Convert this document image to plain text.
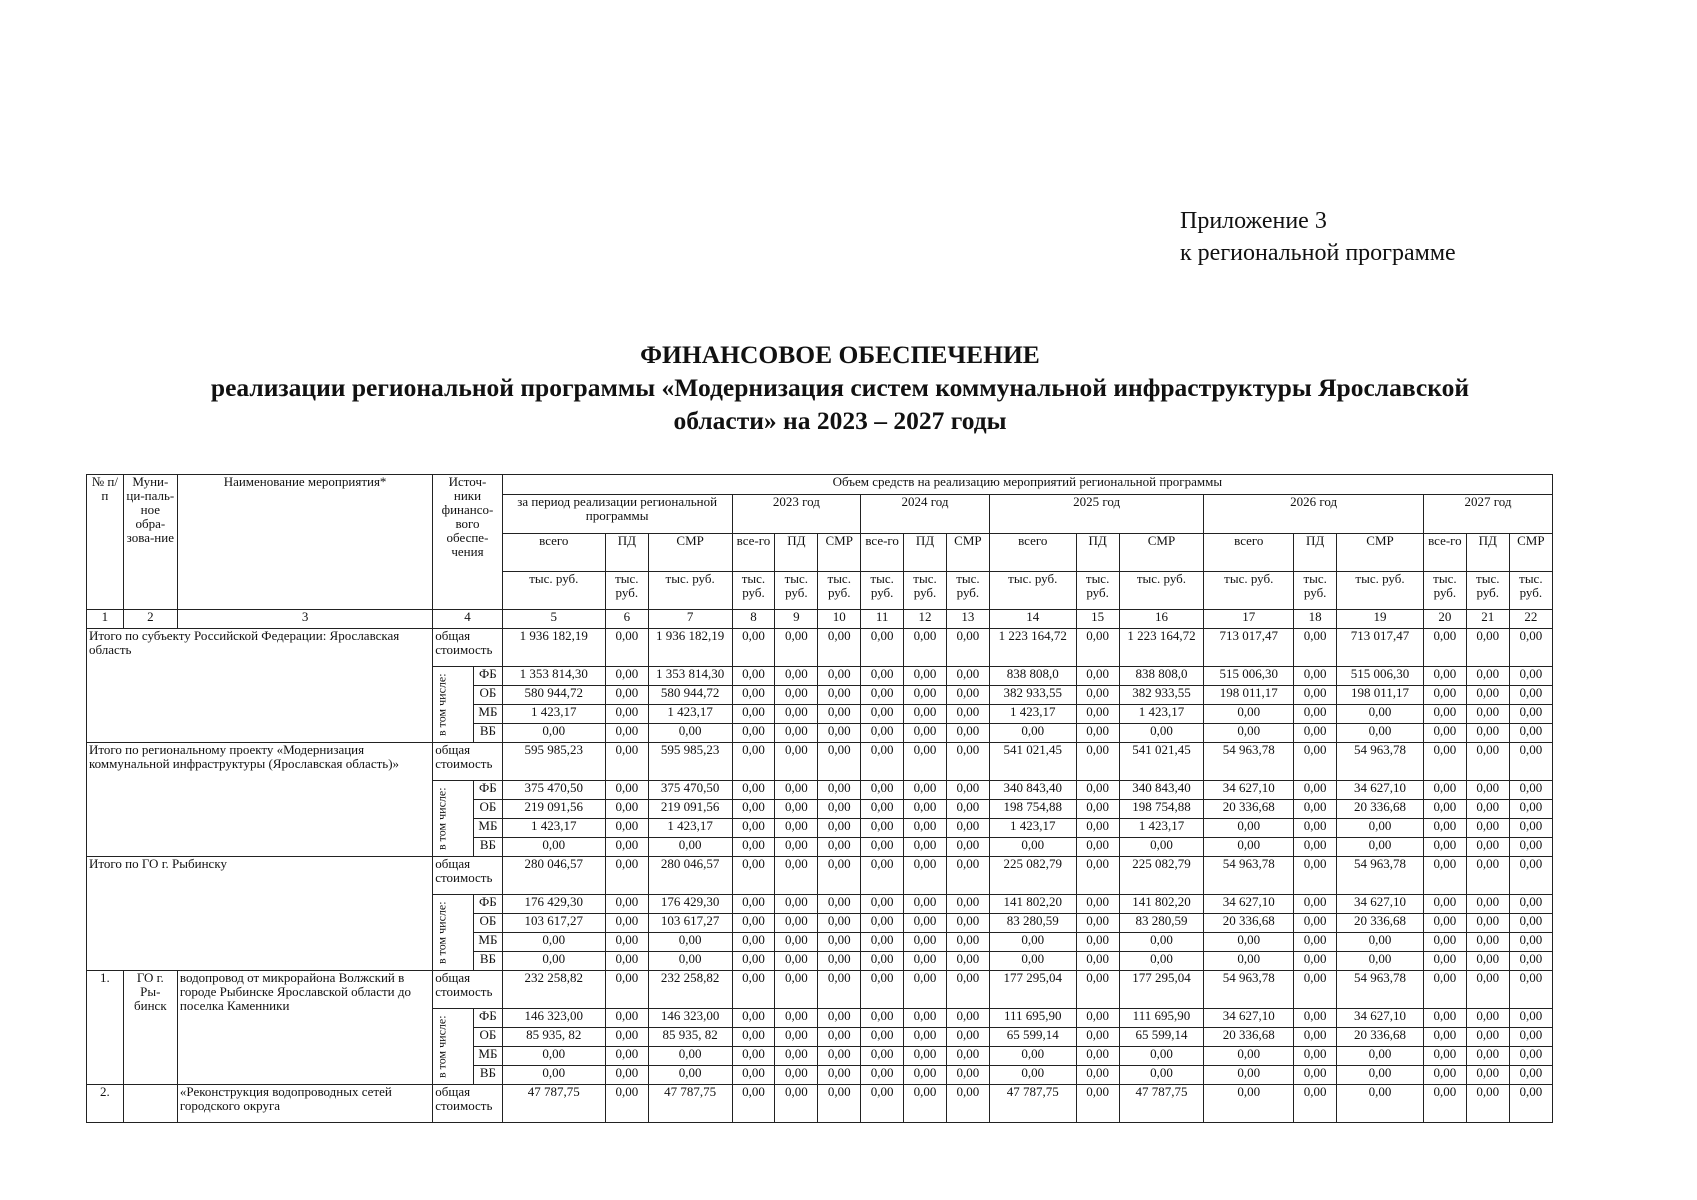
Приложение 3
к региональной программе
ФИНАНСОВОЕ ОБЕСПЕЧЕНИЕ
реализации региональной программы «Модернизация систем коммунальной инфраструктуры Ярославской
области» на 2023 – 2027 годы
№ п/п	Муни-ци-паль-ное обра-зова-ние	Наименование мероприятия*	Источ-ники финансо-вого обеспе-чения		Объем средств на реализацию мероприятий региональной программы																	
					за период реализации региональной программы			2023 год			2024 год			2025 год			2026 год			2027 год		
					всего	ПД	СМР	все-го	ПД	СМР	все-го	ПД	СМР	всего	ПД	СМР	всего	ПД	СМР	все-го	ПД	СМР
					тыс. руб.	тыс. руб.	тыс. руб.	тыс. руб.	тыс. руб.	тыс. руб.	тыс. руб.	тыс. руб.	тыс. руб.	тыс. руб.	тыс. руб.	тыс. руб.	тыс. руб.	тыс. руб.	тыс. руб.	тыс. руб.	тыс. руб.	тыс. руб.
1	2	3	4		5	6	7	8	9	10	11	12	13	14	15	16	17	18	19	20	21	22
Итого по субъекту Российской Федерации: Ярославская область			общая стоимость		1 936 182,19	0,00	1 936 182,19	0,00	0,00	0,00	0,00	0,00	0,00	1 223 164,72	0,00	1 223 164,72	713 017,47	0,00	713 017,47	0,00	0,00	0,00
			в том числе:	ФБ	1 353 814,30	0,00	1 353 814,30	0,00	0,00	0,00	0,00	0,00	0,00	838 808,0	0,00	838 808,0	515 006,30	0,00	515 006,30	0,00	0,00	0,00
				ОБ	580 944,72	0,00	580 944,72	0,00	0,00	0,00	0,00	0,00	0,00	382 933,55	0,00	382 933,55	198 011,17	0,00	198 011,17	0,00	0,00	0,00
				МБ	1 423,17	0,00	1 423,17	0,00	0,00	0,00	0,00	0,00	0,00	1 423,17	0,00	1 423,17	0,00	0,00	0,00	0,00	0,00	0,00
				ВБ	0,00	0,00	0,00	0,00	0,00	0,00	0,00	0,00	0,00	0,00	0,00	0,00	0,00	0,00	0,00	0,00	0,00	0,00
Итого по региональному проекту «Модернизация коммунальной инфраструктуры (Ярославская область)»			общая стоимость		595 985,23	0,00	595 985,23	0,00	0,00	0,00	0,00	0,00	0,00	541 021,45	0,00	541 021,45	54 963,78	0,00	54 963,78	0,00	0,00	0,00
			в том числе:	ФБ	375 470,50	0,00	375 470,50	0,00	0,00	0,00	0,00	0,00	0,00	340 843,40	0,00	340 843,40	34 627,10	0,00	34 627,10	0,00	0,00	0,00
				ОБ	219 091,56	0,00	219 091,56	0,00	0,00	0,00	0,00	0,00	0,00	198 754,88	0,00	198 754,88	20 336,68	0,00	20 336,68	0,00	0,00	0,00
				МБ	1 423,17	0,00	1 423,17	0,00	0,00	0,00	0,00	0,00	0,00	1 423,17	0,00	1 423,17	0,00	0,00	0,00	0,00	0,00	0,00
				ВБ	0,00	0,00	0,00	0,00	0,00	0,00	0,00	0,00	0,00	0,00	0,00	0,00	0,00	0,00	0,00	0,00	0,00	0,00
Итого по ГО г. Рыбинску			общая стоимость		280 046,57	0,00	280 046,57	0,00	0,00	0,00	0,00	0,00	0,00	225 082,79	0,00	225 082,79	54 963,78	0,00	54 963,78	0,00	0,00	0,00
			в том числе:	ФБ	176 429,30	0,00	176 429,30	0,00	0,00	0,00	0,00	0,00	0,00	141 802,20	0,00	141 802,20	34 627,10	0,00	34 627,10	0,00	0,00	0,00
				ОБ	103 617,27	0,00	103 617,27	0,00	0,00	0,00	0,00	0,00	0,00	83 280,59	0,00	83 280,59	20 336,68	0,00	20 336,68	0,00	0,00	0,00
				МБ	0,00	0,00	0,00	0,00	0,00	0,00	0,00	0,00	0,00	0,00	0,00	0,00	0,00	0,00	0,00	0,00	0,00	0,00
				ВБ	0,00	0,00	0,00	0,00	0,00	0,00	0,00	0,00	0,00	0,00	0,00	0,00	0,00	0,00	0,00	0,00	0,00	0,00
1.	ГО г. Ры-бинск	водопровод от микрорайона Волжский в городе Рыбинске Ярославской области до поселка Каменники	общая стоимость		232 258,82	0,00	232 258,82	0,00	0,00	0,00	0,00	0,00	0,00	177 295,04	0,00	177 295,04	54 963,78	0,00	54 963,78	0,00	0,00	0,00
			в том числе:	ФБ	146 323,00	0,00	146 323,00	0,00	0,00	0,00	0,00	0,00	0,00	111 695,90	0,00	111 695,90	34 627,10	0,00	34 627,10	0,00	0,00	0,00
				ОБ	85 935, 82	0,00	85 935, 82	0,00	0,00	0,00	0,00	0,00	0,00	65 599,14	0,00	65 599,14	20 336,68	0,00	20 336,68	0,00	0,00	0,00
				МБ	0,00	0,00	0,00	0,00	0,00	0,00	0,00	0,00	0,00	0,00	0,00	0,00	0,00	0,00	0,00	0,00	0,00	0,00
				ВБ	0,00	0,00	0,00	0,00	0,00	0,00	0,00	0,00	0,00	0,00	0,00	0,00	0,00	0,00	0,00	0,00	0,00	0,00
2.		«Реконструкция водопроводных сетей городского округа	общая стоимость		47 787,75	0,00	47 787,75	0,00	0,00	0,00	0,00	0,00	0,00	47 787,75	0,00	47 787,75	0,00	0,00	0,00	0,00	0,00	0,00
